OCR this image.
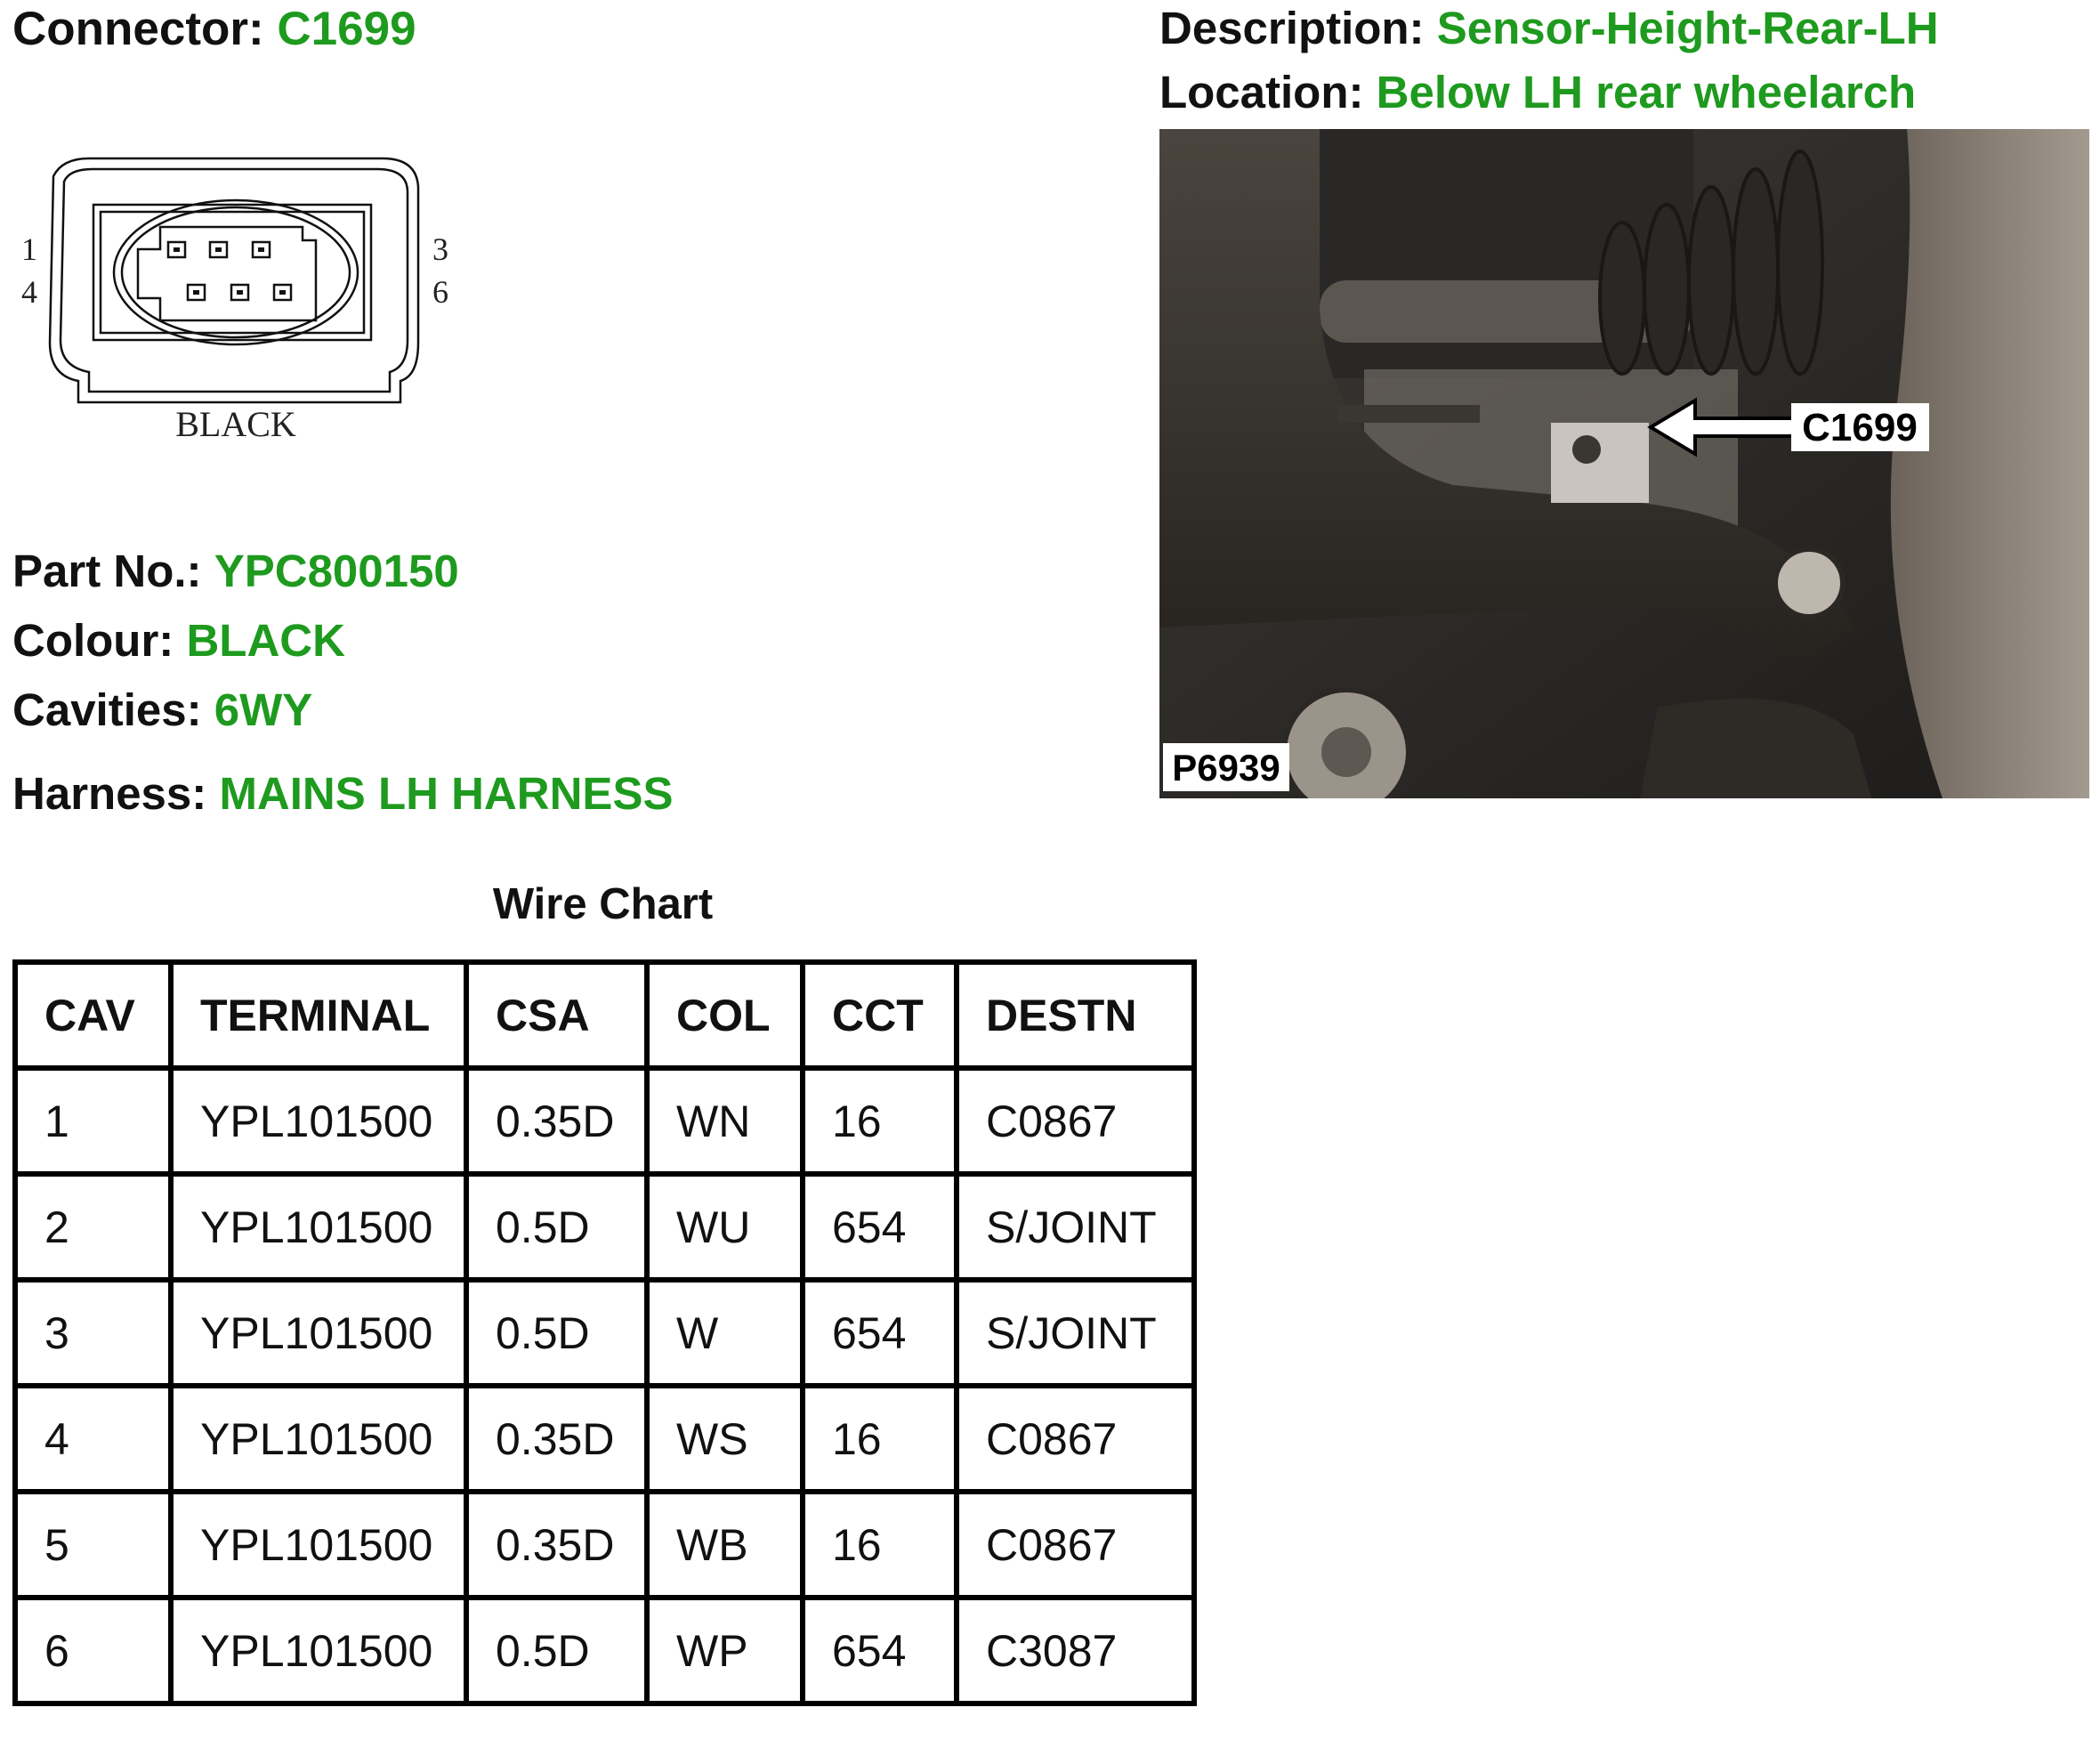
Connector: C1699	Description: Sensor-Height-Rear-LH
Location: Below LH rear wheelarch
1
4
3
6
BLACK	C1699
P6939
Part No.: YPC800150
Colour: BLACK
Cavities: 6WY
Harness: MAINS LH HARNESS
Wire Chart
CAV	TERMINAL	CSA	COL	CCT	DESTN
1	YPL101500	0.35D	WN	16	C0867
2	YPL101500	0.5D	WU	654	S/JOINT
3	YPL101500	0.5D	W	654	S/JOINT
4	YPL101500	0.35D	WS	16	C0867
5	YPL101500	0.35D	WB	16	C0867
6	YPL101500	0.5D	WP	654	C3087
